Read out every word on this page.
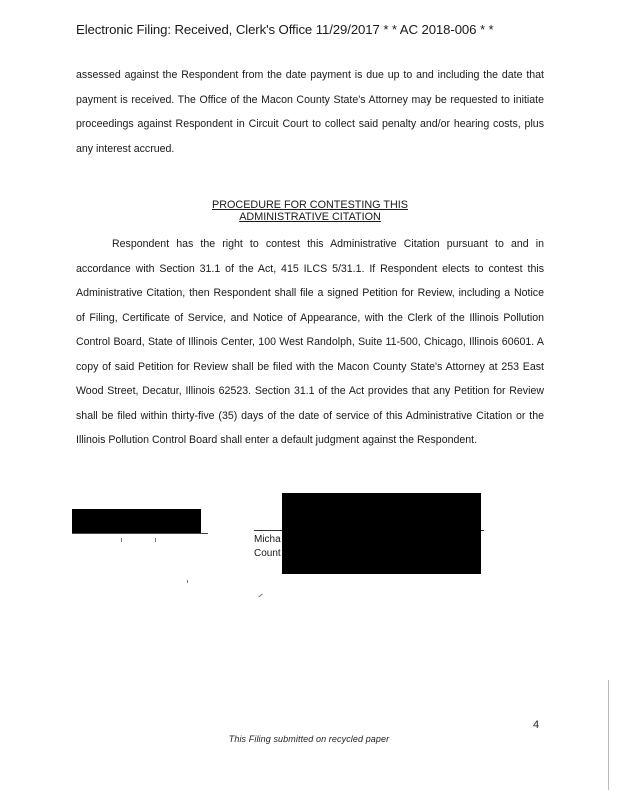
Electronic Filing: Received, Clerk's Office 11/29/2017 * * AC 2018-006 * *
assessed against the Respondent from the date payment is due up to and including the date that payment is received. The Office of the Macon County State's Attorney may be requested to initiate proceedings against Respondent in Circuit Court to collect said penalty and/or hearing costs, plus any interest accrued.
PROCEDURE FOR CONTESTING THIS
ADMINISTRATIVE CITATION
Respondent has the right to contest this Administrative Citation pursuant to and in accordance with Section 31.1 of the Act, 415 ILCS 5/31.1. If Respondent elects to contest this Administrative Citation, then Respondent shall file a signed Petition for Review, including a Notice of Filing, Certificate of Service, and Notice of Appearance, with the Clerk of the Illinois Pollution Control Board, State of Illinois Center, 100 West Randolph, Suite 11-500, Chicago, Illinois 60601. A copy of said Petition for Review shall be filed with the Macon County State's Attorney at 253 East Wood Street, Decatur, Illinois 62523. Section 31.1 of the Act provides that any Petition for Review shall be filed within thirty-five (35) days of the date of service of this Administrative Citation or the Illinois Pollution Control Board shall enter a default judgment against the Respondent.
Micha
Count
4
This Filing submitted on recycled paper
